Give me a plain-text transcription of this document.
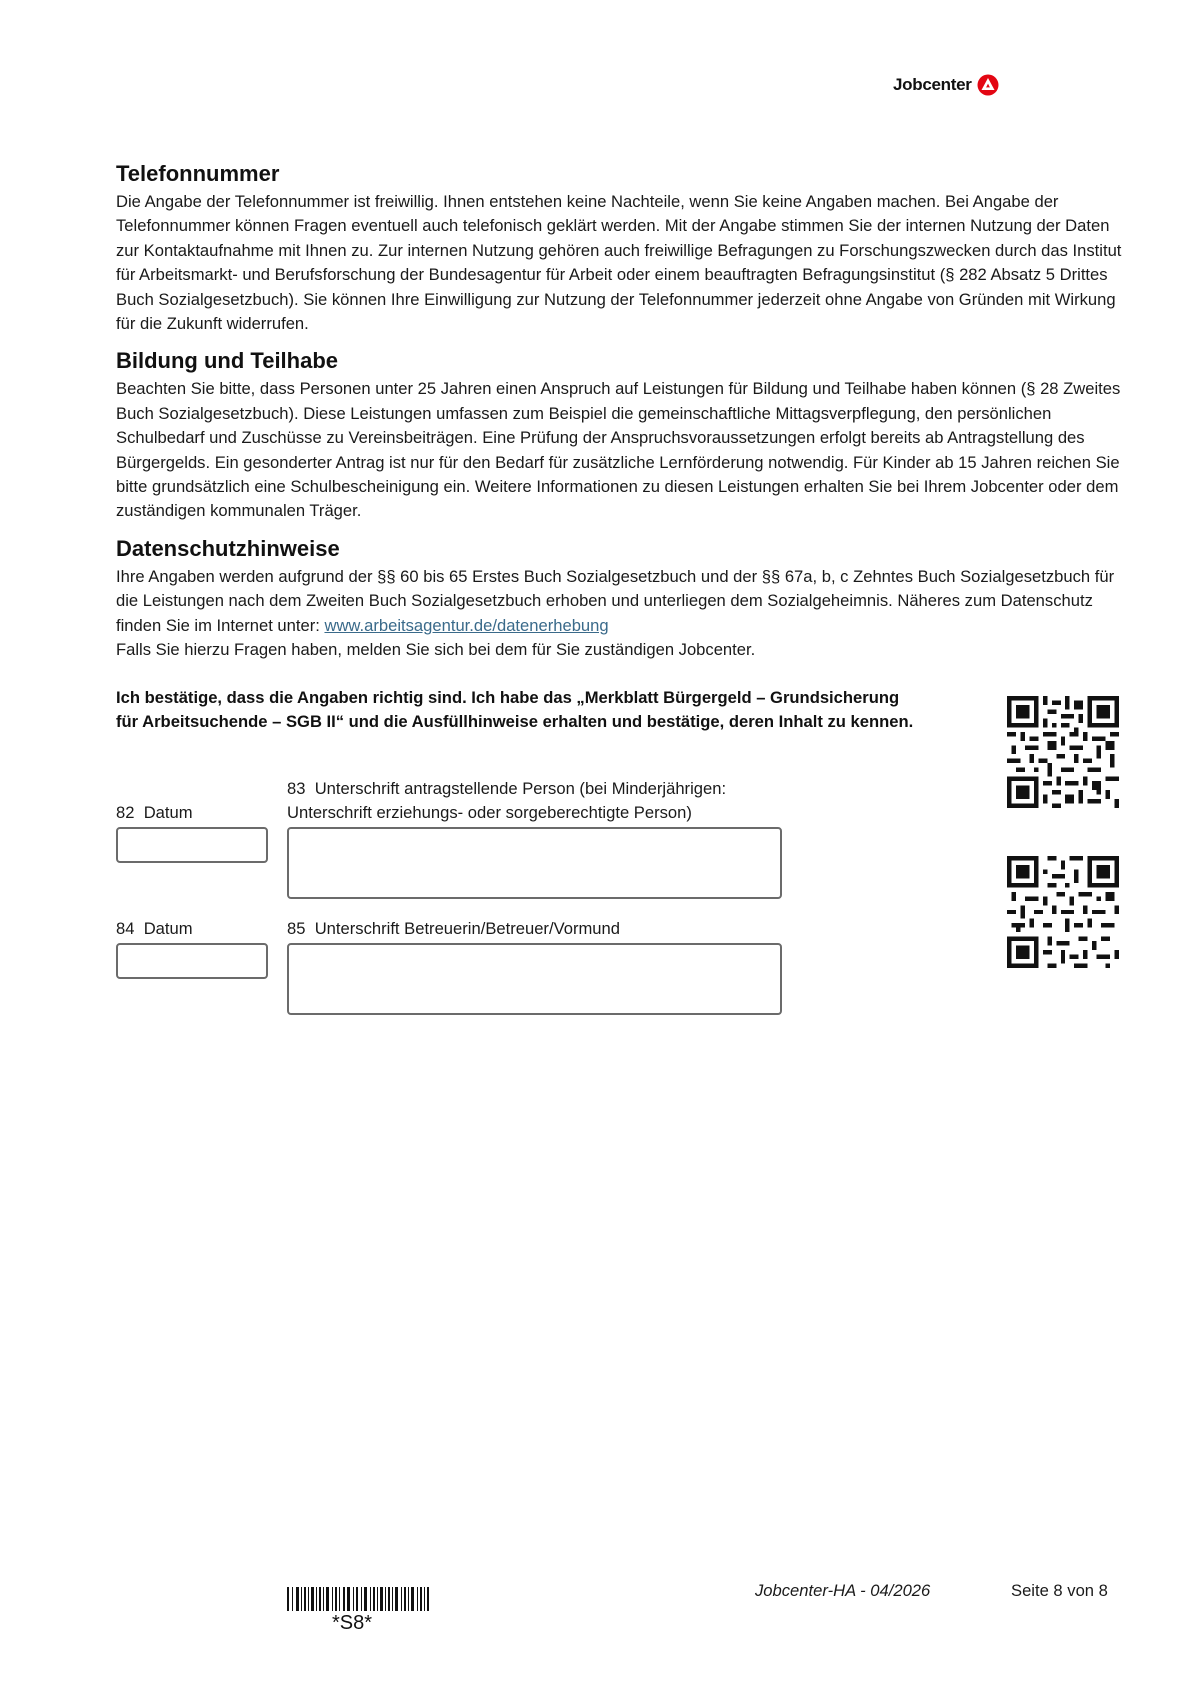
Jobcenter
Telefonnummer

Die Angabe der Telefonnummer ist freiwillig. Ihnen entstehen keine Nachteile, wenn Sie keine Angaben machen. Bei Angabe der Telefonnummer können Fragen eventuell auch telefonisch geklärt werden. Mit der Angabe stimmen Sie der internen Nutzung der Daten zur Kontaktaufnahme mit Ihnen zu. Zur internen Nutzung gehören auch freiwillige Befragungen zu Forschungszwecken durch das Institut für Arbeitsmarkt- und Berufsforschung der Bundesagentur für Arbeit oder einem beauftragten Befragungsinstitut (§ 282 Absatz 5 Drittes Buch Sozialgesetzbuch). Sie können Ihre Einwilligung zur Nutzung der Telefonnummer jederzeit ohne Angabe von Gründen mit Wirkung für die Zukunft widerrufen.

Bildung und Teilhabe

Beachten Sie bitte, dass Personen unter 25 Jahren einen Anspruch auf Leistungen für Bildung und Teilhabe haben können (§ 28 Zweites Buch Sozialgesetzbuch). Diese Leistungen umfassen zum Beispiel die gemeinschaftliche Mittagsverpflegung, den persönlichen Schulbedarf und Zuschüsse zu Vereinsbeiträgen. Eine Prüfung der Anspruchsvoraussetzungen erfolgt bereits ab Antragstellung des Bürgergelds. Ein gesonderter Antrag ist nur für den Bedarf für zusätzliche Lernförderung notwendig. Für Kinder ab 15 Jahren reichen Sie bitte grundsätzlich eine Schulbescheinigung ein. Weitere Informationen zu diesen Leistungen erhalten Sie bei Ihrem Jobcenter oder dem zuständigen kommunalen Träger.

Datenschutzhinweise

Ihre Angaben werden aufgrund der §§ 60 bis 65 Erstes Buch Sozialgesetzbuch und der §§ 67a, b, c Zehntes Buch Sozialgesetzbuch für die Leistungen nach dem Zweiten Buch Sozialgesetzbuch erhoben und unterliegen dem Sozialgeheimnis. Näheres zum Datenschutz finden Sie im Internet unter: www.arbeitsagentur.de/datenerhebung
Falls Sie hierzu Fragen haben, melden Sie sich bei dem für Sie zuständigen Jobcenter.

Ich bestätige, dass die Angaben richtig sind. Ich habe das „Merkblatt Bürgergeld – Grundsicherung für Arbeitsuchende – SGB II“ und die Ausfüllhinweise erhalten und bestätige, deren Inhalt zu kennen.
82 Datum
83 Unterschrift antragstellende Person (bei Minderjährigen:
Unterschrift erziehungs- oder sorgeberechtigte Person)
84 Datum	85 Unterschrift Betreuerin/Betreuer/Vormund
*S8*
Jobcenter-HA - 04/2026	Seite 8 von 8
